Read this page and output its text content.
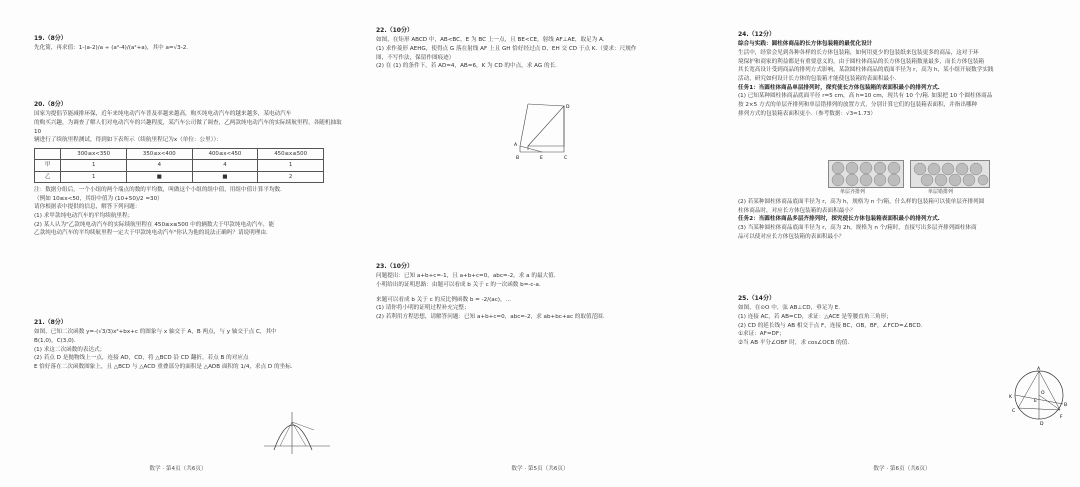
19.（8分）
先化简，再求值：1-(a-2)/a ÷ (a²-4)/(a²+a)，其中 a=√3-2.
20.（8分）
国家为提倡节能减排环保，近年来纯电动汽车普及率越来越高，购买纯电动汽车的越来越多，某电动汽车
的购买兴趣，为调查了解人们对电动汽车的兴趣程度，某汽车公司做了调查，乙两款纯电动汽车的实际续航里程，各随机抽取10
辆进行了续航里程测试，得到如下表所示（续航里程记为x（单位：公里））：
	300≤x<350	350≤x<400	400≤x<450	450≤x≤500
甲	1	4	4	1
乙	1	■	■	2
注：数据分组后，一个小组的两个端点的数的平均数，叫做这个小组的组中值，用组中值计算平均数.
（例如 10≤x<50，其组中值为 (10+50)/2 =30）
请你根据表中提供的信息，解答下列问题：
(1) 求甲款纯电动汽车的平均续航里程；
(2) 某人认为"乙款纯电动汽车的实际续航里程在 450≤x≤500 中的辆数大于甲款纯电动汽车，能
乙款纯电动汽车的平均续航里程一定大于甲款纯电动汽车"你认为他的说法正确吗？请说明理由.
21.（8分）
如图，已知二次函数 y=-(√3/3)x²+bx+c 的图象与 x 轴交于 A，B 两点，与 y 轴交于点 C，其中
B(1,0)，C(3,0).
(1) 求这二次函数的表达式；
(2) 若点 D 是抛物线上一点，连接 AD，CD，将 △BCD 沿 CD 翻折，若点 B 的对应点
E 恰好落在二次函数图象上，且 △BCD 与 △ACD 重叠部分的面积是 △ADB 面积的 1/4，求点 D 的坐标.
数学 · 第4页（共6页）
22.（10分）
如图，在矩形 ABCD 中，AB<BC，E 为 BC 上一点，且 BE<CE，射线 AF⊥AE，取足为 A.
(1) 求作菱形 AEHG，使得点 G 落在射线 AF 上且 GH 恰好经过点 D，EH 交 CD 于点 K.（要求：尺规作
图，不写作法，保留作图痕迹）
(2) 在 (1) 的条件下，若 AD=4，AB=6，K 为 CD 的中点，求 AG 的长.
A
D
B	E	C
23.（10分）
问题提出：已知 a+b+c=-1，且 a+b+c=0，abc=-2，求 a 的最大值.
小明给出的证明思路：由题可以看成 b 关于 c 的一次函数 b=-c-a.
来题可以看成 b 关于 c 的反比例函数 b = -2/(ac)，…
(1) 请你将小明的证明过程补充完整；
(2) 若利用方程思想，请解答问题：已知 a+b+c=0，abc=-2，求 ab+bc+ac 的取值范围.
数学 · 第5页（共6页）
24.（12分）
综合与实践：圆柱体商品的长方体包装箱的最优化设计
生活中，经常会见到各种各样的长方体包装箱，如何用更少的包装纸来包装更多的商品，这对于环
境保护和商家的利益都是有重要意义的，由于圆柱体商品的长方体包装箱数量最多，而长方体包装箱
其长宽高设计受到商品的排列方式影响，某款圆柱体商品的底面半径为 r，高为 h，某小组开展数学实践
活动，研究如何设计长方体的包装箱才能使包装箱的表面积最小.
任务1：当圆柱体商品单层排列时，探究使长方体包装箱的表面积最小的排列方式.
(1) 已知某种圆柱体商品底面半径 r=5 cm，高 h=10 cm，现共有 10 个/箱. 如果把 10 个圆柱体商品
按 2×5 方式的单层齐排列和单层错排列的放置方式，分别计算它们的包装箱表面积，并指出哪种
排列方式的包装箱表面积更小.（参考数据：√3≈1.73）
单层齐排列	单层错排列
(2) 若某种圆柱体商品底面半径为 r，高为 h，规格为 n 个/箱，什么样的包装箱可以使单层齐排列圆
柱体商品时，对应长方体包装箱的表面积最小？
任务2：当圆柱体商品多层齐排列时，探究使长方体包装箱表面积最小的排列方式.
(3) 当某种圆柱体商品底面半径为 r，高为 2h，规格为 n 个/箱时，直接写出多层齐排列圆柱体商
品可以使对应长方体包装箱的表面积最小？
25.（14分）
如图，在⊙O 中，弦 AB⊥CD，垂足为 E.
(1) 连接 AC，若 AB=CD，求证：△ACE 是等腰直角三角形；
(2) CD 的延长线与 AB 相交于点 F，连接 BC，OB，BF，∠FCD=∠BCD.
①求证：AF=DF；
②当 AB 平分∠OBF 时，求 cos∠OCB 的值.
A
O
B
C
D
E
F
K
数学 · 第6页（共6页）
